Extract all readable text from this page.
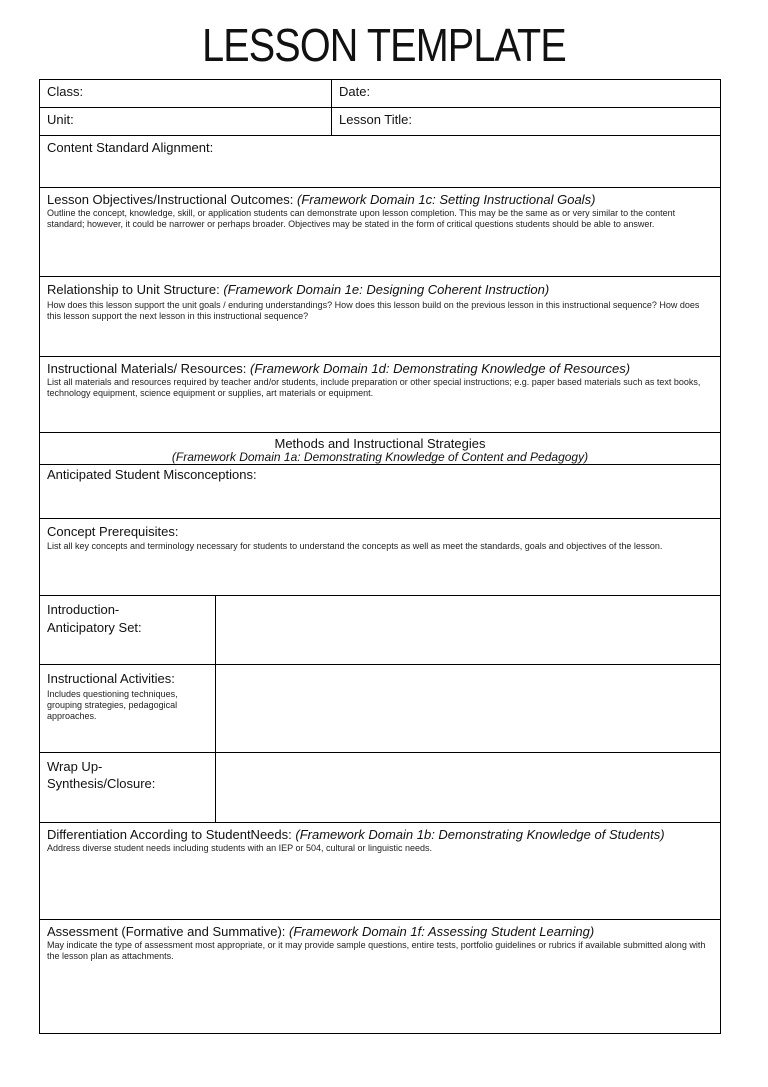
LESSON TEMPLATE
Class:	Date:
Unit:	Lesson Title:
Content Standard Alignment:
Lesson Objectives/Instructional Outcomes: (Framework Domain 1c: Setting Instructional Goals)
Outline the concept, knowledge, skill, or application students can demonstrate upon lesson completion. This may be the same as or very similar to the content standard; however, it could be narrower or perhaps broader. Objectives may be stated in the form of critical questions students should be able to answer.
Relationship to Unit Structure: (Framework Domain 1e: Designing Coherent Instruction)
How does this lesson support the unit goals / enduring understandings? How does this lesson build on the previous lesson in this instructional sequence? How does this lesson support the next lesson in this instructional sequence?
Instructional Materials/ Resources: (Framework Domain 1d: Demonstrating Knowledge of Resources)
List all materials and resources required by teacher and/or students, include preparation or other special instructions; e.g. paper based materials such as text books, technology equipment, science equipment or supplies, art materials or equipment.
Methods and Instructional Strategies
(Framework Domain 1a: Demonstrating Knowledge of Content and Pedagogy)
Anticipated Student Misconceptions:
Concept Prerequisites:
List all key concepts and terminology necessary for students to understand the concepts as well as meet the standards, goals and objectives of the lesson.
Introduction-
Anticipatory Set:
Instructional Activities:
Includes questioning techniques, grouping strategies, pedagogical approaches.
Wrap Up-
Synthesis/Closure:
Differentiation According to StudentNeeds: (Framework Domain 1b: Demonstrating Knowledge of Students)
Address diverse student needs including students with an IEP or 504, cultural or linguistic needs.
Assessment (Formative and Summative): (Framework Domain 1f: Assessing Student Learning)
May indicate the type of assessment most appropriate, or it may provide sample questions, entire tests, portfolio guidelines or rubrics if available submitted along with the lesson plan as attachments.
